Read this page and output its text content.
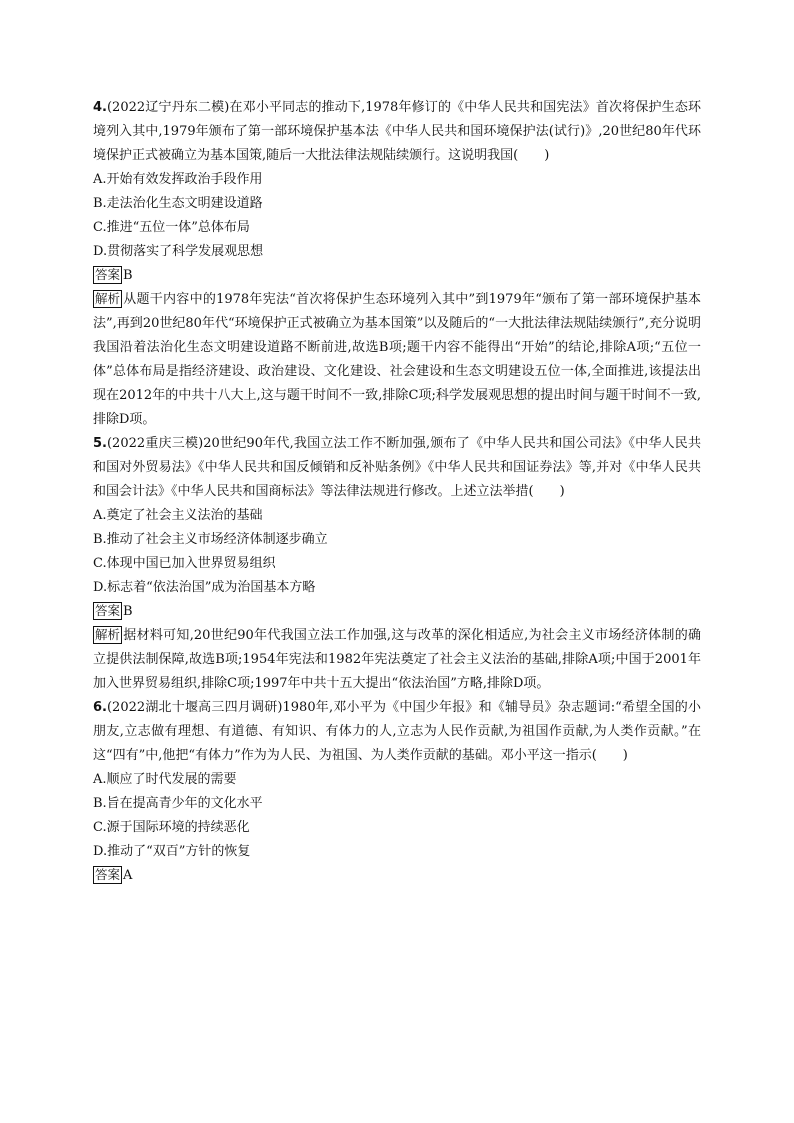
4.(2022辽宁丹东二模)在邓小平同志的推动下,1978年修订的《中华人民共和国宪法》首次将保护生态环境列入其中,1979年颁布了第一部环境保护基本法《中华人民共和国环境保护法(试行)》,20世纪80年代环境保护正式被确立为基本国策,随后一大批法律法规陆续颁行。这说明我国(　　)

A.开始有效发挥政治手段作用

B.走法治化生态文明建设道路

C.推进“五位一体”总体布局

D.贯彻落实了科学发展观思想

答案 B

解析 从题干内容中的1978年宪法“首次将保护生态环境列入其中”到1979年“颁布了第一部环境保护基本法”,再到20世纪80年代“环境保护正式被确立为基本国策”以及随后的“一大批法律法规陆续颁行”,充分说明我国沿着法治化生态文明建设道路不断前进,故选B项;题干内容不能得出“开始”的结论,排除A项;“五位一体”总体布局是指经济建设、政治建设、文化建设、社会建设和生态文明建设五位一体,全面推进,该提法出现在2012年的中共十八大上,这与题干时间不一致,排除C项;科学发展观思想的提出时间与题干时间不一致,排除D项。

5.(2022重庆三模)20世纪90年代,我国立法工作不断加强,颁布了《中华人民共和国公司法》《中华人民共和国对外贸易法》《中华人民共和国反倾销和反补贴条例》《中华人民共和国证券法》等,并对《中华人民共和国会计法》《中华人民共和国商标法》等法律法规进行修改。上述立法举措(　　)

A.奠定了社会主义法治的基础

B.推动了社会主义市场经济体制逐步确立

C.体现中国已加入世界贸易组织

D.标志着“依法治国”成为治国基本方略

答案 B

解析 据材料可知,20世纪90年代我国立法工作加强,这与改革的深化相适应,为社会主义市场经济体制的确立提供法制保障,故选B项;1954年宪法和1982年宪法奠定了社会主义法治的基础,排除A项;中国于2001年加入世界贸易组织,排除C项;1997年中共十五大提出“依法治国”方略,排除D项。

6.(2022湖北十堰高三四月调研)1980年,邓小平为《中国少年报》和《辅导员》杂志题词:“希望全国的小朋友,立志做有理想、有道德、有知识、有体力的人,立志为人民作贡献,为祖国作贡献,为人类作贡献。”在这“四有”中,他把“有体力”作为为人民、为祖国、为人类作贡献的基础。邓小平这一指示(　　)

A.顺应了时代发展的需要

B.旨在提高青少年的文化水平

C.源于国际环境的持续恶化

D.推动了“双百”方针的恢复

答案 A
